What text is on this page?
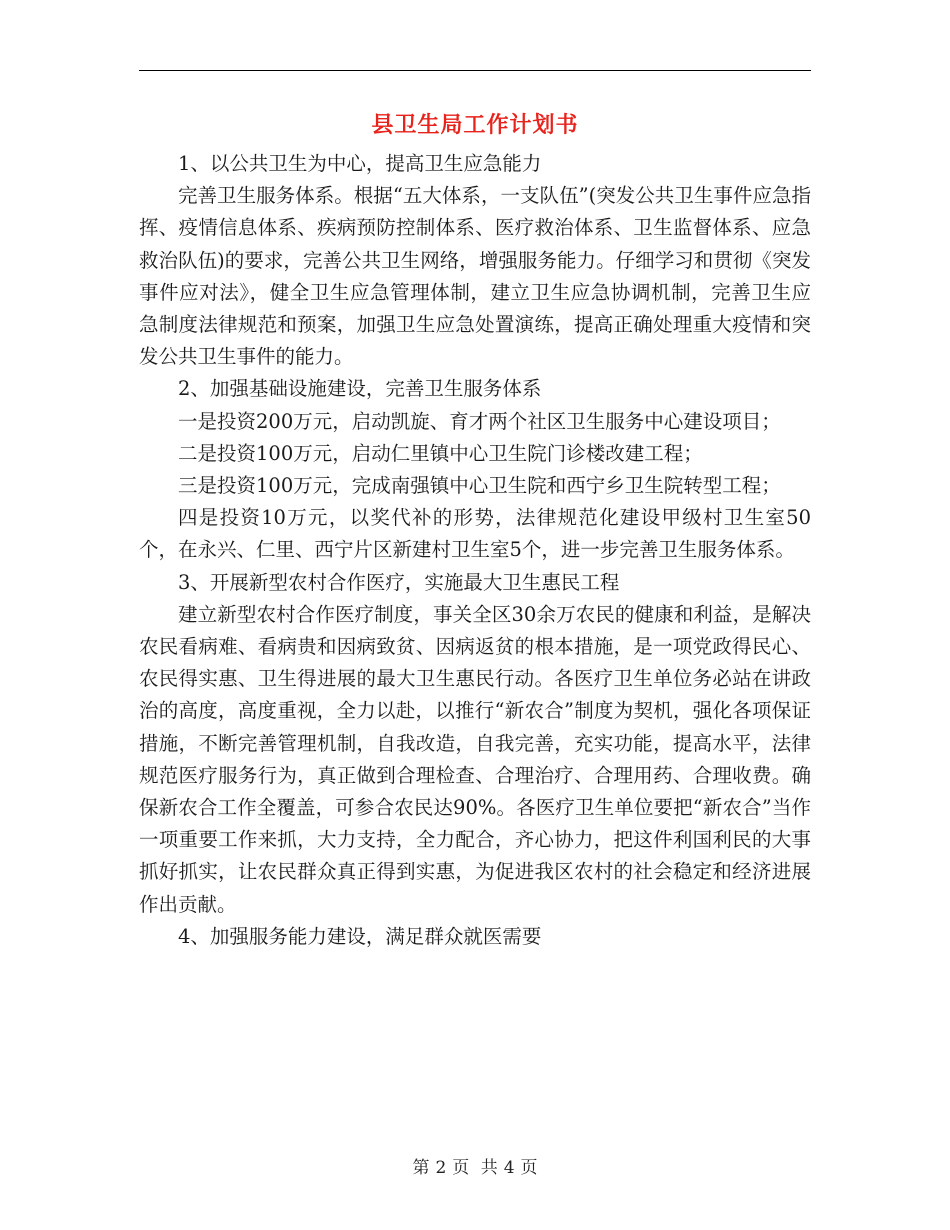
县卫生局工作计划书

1、以公共卫生为中心，提高卫生应急能力

完善卫生服务体系。根据“五大体系，一支队伍”(突发公共卫生事件应急指挥、疫情信息体系、疾病预防控制体系、医疗救治体系、卫生监督体系、应急救治队伍)的要求，完善公共卫生网络，增强服务能力。仔细学习和贯彻《突发事件应对法》，健全卫生应急管理体制，建立卫生应急协调机制，完善卫生应急制度法律规范和预案，加强卫生应急处置演练，提高正确处理重大疫情和突发公共卫生事件的能力。

2、加强基础设施建设，完善卫生服务体系

一是投资200万元，启动凯旋、育才两个社区卫生服务中心建设项目；

二是投资100万元，启动仁里镇中心卫生院门诊楼改建工程；

三是投资100万元，完成南强镇中心卫生院和西宁乡卫生院转型工程；

四是投资10万元，以奖代补的形势，法律规范化建设甲级村卫生室50个，在永兴、仁里、西宁片区新建村卫生室5个，进一步完善卫生服务体系。

3、开展新型农村合作医疗，实施最大卫生惠民工程

建立新型农村合作医疗制度，事关全区30余万农民的健康和利益，是解决农民看病难、看病贵和因病致贫、因病返贫的根本措施，是一项党政得民心、农民得实惠、卫生得进展的最大卫生惠民行动。各医疗卫生单位务必站在讲政治的高度，高度重视，全力以赴，以推行“新农合”制度为契机，强化各项保证措施，不断完善管理机制，自我改造，自我完善，充实功能，提高水平，法律规范医疗服务行为，真正做到合理检查、合理治疗、合理用药、合理收费。确保新农合工作全覆盖，可参合农民达90%。各医疗卫生单位要把“新农合”当作一项重要工作来抓，大力支持，全力配合，齐心协力，把这件利国利民的大事抓好抓实，让农民群众真正得到实惠，为促进我区农村的社会稳定和经济进展作出贡献。

4、加强服务能力建设，满足群众就医需要

第 2 页 共 4 页
